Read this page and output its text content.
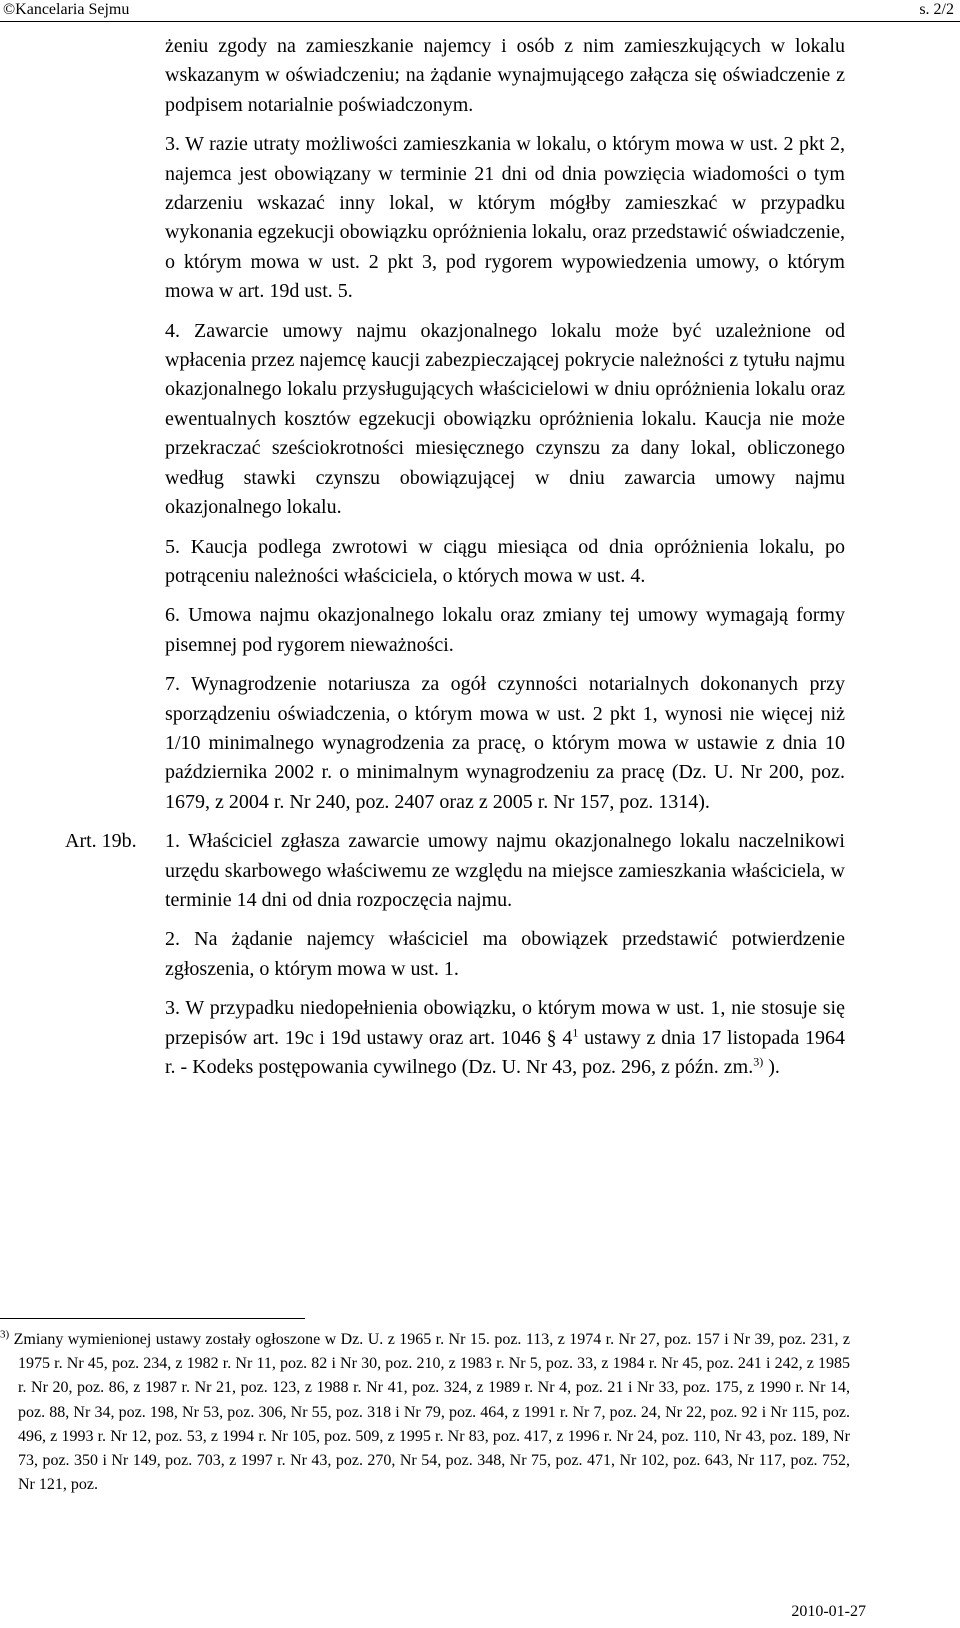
©Kancelaria Sejmu	s. 2/2

żeniu zgody na zamieszkanie najemcy i osób z nim zamieszkujących w lokalu wskazanym w oświadczeniu; na żądanie wynajmującego załącza się oświadczenie z podpisem notarialnie poświadczonym.

3. W razie utraty możliwości zamieszkania w lokalu, o którym mowa w ust. 2 pkt 2, najemca jest obowiązany w terminie 21 dni od dnia powzięcia wiadomości o tym zdarzeniu wskazać inny lokal, w którym mógłby zamieszkać w przypadku wykonania egzekucji obowiązku opróżnienia lokalu, oraz przedstawić oświadczenie, o którym mowa w ust. 2 pkt 3, pod rygorem wypowiedzenia umowy, o którym mowa w art. 19d ust. 5.

4. Zawarcie umowy najmu okazjonalnego lokalu może być uzależnione od wpłacenia przez najemcę kaucji zabezpieczającej pokrycie należności z tytułu najmu okazjonalnego lokalu przysługujących właścicielowi w dniu opróżnienia lokalu oraz ewentualnych kosztów egzekucji obowiązku opróżnienia lokalu. Kaucja nie może przekraczać sześciokrotności miesięcznego czynszu za dany lokal, obliczonego według stawki czynszu obowiązującej w dniu zawarcia umowy najmu okazjonalnego lokalu.

5. Kaucja podlega zwrotowi w ciągu miesiąca od dnia opróżnienia lokalu, po potrąceniu należności właściciela, o których mowa w ust. 4.

6. Umowa najmu okazjonalnego lokalu oraz zmiany tej umowy wymagają formy pisemnej pod rygorem nieważności.

7. Wynagrodzenie notariusza za ogół czynności notarialnych dokonanych przy sporządzeniu oświadczenia, o którym mowa w ust. 2 pkt 1, wynosi nie więcej niż 1/10 minimalnego wynagrodzenia za pracę, o którym mowa w ustawie z dnia 10 października 2002 r. o minimalnym wynagrodzeniu za pracę (Dz. U. Nr 200, poz. 1679, z 2004 r. Nr 240, poz. 2407 oraz z 2005 r. Nr 157, poz. 1314).

Art. 19b. 1. Właściciel zgłasza zawarcie umowy najmu okazjonalnego lokalu naczelnikowi urzędu skarbowego właściwemu ze względu na miejsce zamieszkania właściciela, w terminie 14 dni od dnia rozpoczęcia najmu.

2. Na żądanie najemcy właściciel ma obowiązek przedstawić potwierdzenie zgłoszenia, o którym mowa w ust. 1.

3. W przypadku niedopełnienia obowiązku, o którym mowa w ust. 1, nie stosuje się przepisów art. 19c i 19d ustawy oraz art. 1046 § $4^1$ ustawy z dnia 17 listopada 1964 r. - Kodeks postępowania cywilnego (Dz. U. Nr 43, poz. 296, z późn. zm.$^{3)}$ ).

$^{3)}$ Zmiany wymienionej ustawy zostały ogłoszone w Dz. U. z 1965 r. Nr 15. poz. 113, z 1974 r. Nr 27, poz. 157 i Nr 39, poz. 231, z 1975 r. Nr 45, poz. 234, z 1982 r. Nr 11, poz. 82 i Nr 30, poz. 210, z 1983 r. Nr 5, poz. 33, z 1984 r. Nr 45, poz. 241 i 242, z 1985 r. Nr 20, poz. 86, z 1987 r. Nr 21, poz. 123, z 1988 r. Nr 41, poz. 324, z 1989 r. Nr 4, poz. 21 i Nr 33, poz. 175, z 1990 r. Nr 14, poz. 88, Nr 34, poz. 198, Nr 53, poz. 306, Nr 55, poz. 318 i Nr 79, poz. 464, z 1991 r. Nr 7, poz. 24, Nr 22, poz. 92 i Nr 115, poz. 496, z 1993 r. Nr 12, poz. 53, z 1994 r. Nr 105, poz. 509, z 1995 r. Nr 83, poz. 417, z 1996 r. Nr 24, poz. 110, Nr 43, poz. 189, Nr 73, poz. 350 i Nr 149, poz. 703, z 1997 r. Nr 43, poz. 270, Nr 54, poz. 348, Nr 75, poz. 471, Nr 102, poz. 643, Nr 117, poz. 752, Nr 121, poz.
2010-01-27
